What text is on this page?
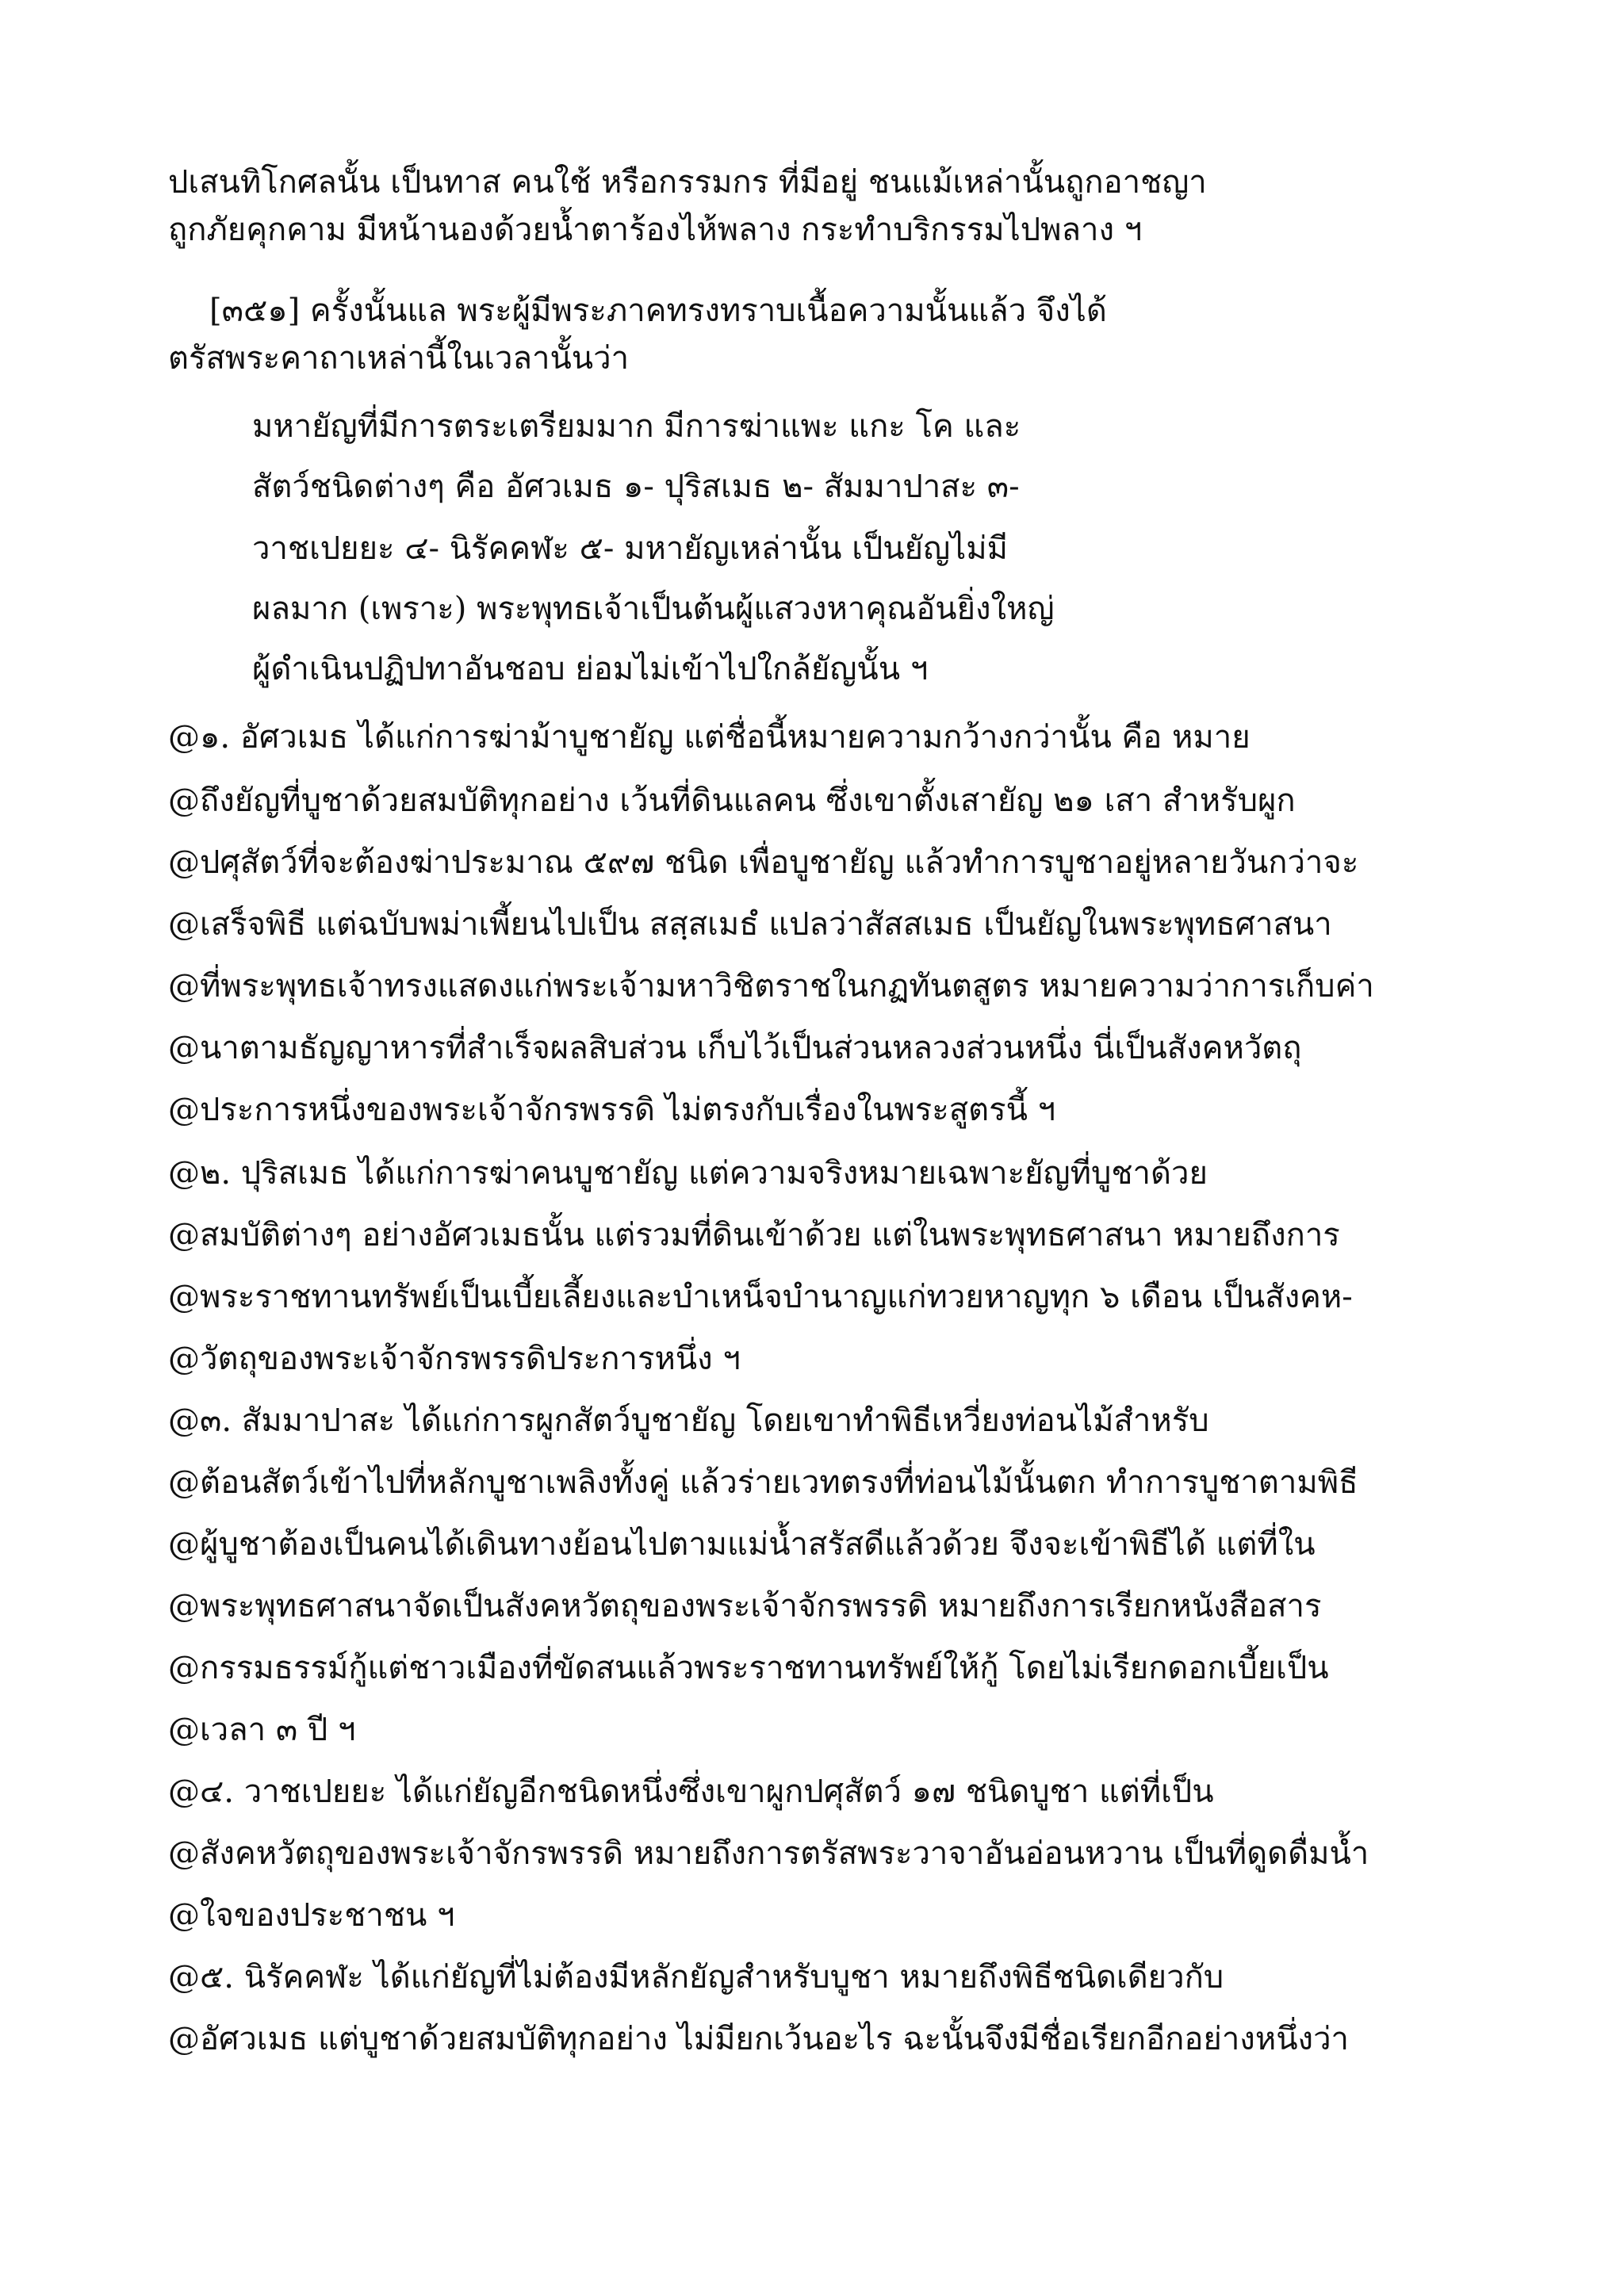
ปเสนทิโกศลนั้น เป็นทาส คนใช้ หรือกรรมกร ที่มีอยู่ ชนแม้เหล่านั้นถูกอาชญา
ถูกภัยคุกคาม มีหน้านองด้วยน้ำตาร้องไห้พลาง กระทำบริกรรมไปพลาง ฯ
[๓๕๑] ครั้งนั้นแล พระผู้มีพระภาคทรงทราบเนื้อความนั้นแล้ว จึงได้
ตรัสพระคาถาเหล่านี้ในเวลานั้นว่า
มหายัญที่มีการตระเตรียมมาก มีการฆ่าแพะ แกะ โค และ
สัตว์ชนิดต่างๆ คือ อัศวเมธ ๑- ปุริสเมธ ๒- สัมมาปาสะ ๓-
วาชเปยยะ ๔- นิรัคคฬะ ๕- มหายัญเหล่านั้น เป็นยัญไม่มี
ผลมาก (เพราะ) พระพุทธเจ้าเป็นต้นผู้แสวงหาคุณอันยิ่งใหญ่
ผู้ดำเนินปฏิปทาอันชอบ ย่อมไม่เข้าไปใกล้ยัญนั้น ฯ
@๑. อัศวเมธ ได้แก่การฆ่าม้าบูชายัญ แต่ชื่อนี้หมายความกว้างกว่านั้น คือ หมาย
@ถึงยัญที่บูชาด้วยสมบัติทุกอย่าง เว้นที่ดินแลคน ซึ่งเขาตั้งเสายัญ ๒๑ เสา สำหรับผูก
@ปศุสัตว์ที่จะต้องฆ่าประมาณ ๕๙๗ ชนิด เพื่อบูชายัญ แล้วทำการบูชาอยู่หลายวันกว่าจะ
@เสร็จพิธี แต่ฉบับพม่าเพี้ยนไปเป็น สสฺสเมธํ แปลว่าสัสสเมธ เป็นยัญในพระพุทธศาสนา
@ที่พระพุทธเจ้าทรงแสดงแก่พระเจ้ามหาวิชิตราชในกฏทันตสูตร หมายความว่าการเก็บค่า
@นาตามธัญญาหารที่สำเร็จผลสิบส่วน เก็บไว้เป็นส่วนหลวงส่วนหนึ่ง นี่เป็นสังคหวัตถุ
@ประการหนึ่งของพระเจ้าจักรพรรดิ ไม่ตรงกับเรื่องในพระสูตรนี้ ฯ
@๒. ปุริสเมธ ได้แก่การฆ่าคนบูชายัญ แต่ความจริงหมายเฉพาะยัญที่บูชาด้วย
@สมบัติต่างๆ อย่างอัศวเมธนั้น แต่รวมที่ดินเข้าด้วย แต่ในพระพุทธศาสนา หมายถึงการ
@พระราชทานทรัพย์เป็นเบี้ยเลี้ยงและบำเหน็จบำนาญแก่ทวยหาญทุก ๖ เดือน เป็นสังคห-
@วัตถุของพระเจ้าจักรพรรดิประการหนึ่ง ฯ
@๓. สัมมาปาสะ ได้แก่การผูกสัตว์บูชายัญ โดยเขาทำพิธีเหวี่ยงท่อนไม้สำหรับ
@ต้อนสัตว์เข้าไปที่หลักบูชาเพลิงทั้งคู่ แล้วร่ายเวทตรงที่ท่อนไม้นั้นตก ทำการบูชาตามพิธี
@ผู้บูชาต้องเป็นคนได้เดินทางย้อนไปตามแม่น้ำสรัสดีแล้วด้วย จึงจะเข้าพิธีได้ แต่ที่ใน
@พระพุทธศาสนาจัดเป็นสังคหวัตถุของพระเจ้าจักรพรรดิ หมายถึงการเรียกหนังสือสาร
@กรรมธรรม์กู้แต่ชาวเมืองที่ขัดสนแล้วพระราชทานทรัพย์ให้กู้ โดยไม่เรียกดอกเบี้ยเป็น
@เวลา ๓ ปี ฯ
@๔. วาชเปยยะ ได้แก่ยัญอีกชนิดหนึ่งซึ่งเขาผูกปศุสัตว์ ๑๗ ชนิดบูชา แต่ที่เป็น
@สังคหวัตถุของพระเจ้าจักรพรรดิ หมายถึงการตรัสพระวาจาอันอ่อนหวาน เป็นที่ดูดดื่มน้ำ
@ใจของประชาชน ฯ
@๕. นิรัคคฬะ ได้แก่ยัญที่ไม่ต้องมีหลักยัญสำหรับบูชา หมายถึงพิธีชนิดเดียวกับ
@อัศวเมธ แต่บูชาด้วยสมบัติทุกอย่าง ไม่มียกเว้นอะไร ฉะนั้นจึงมีชื่อเรียกอีกอย่างหนึ่งว่า
